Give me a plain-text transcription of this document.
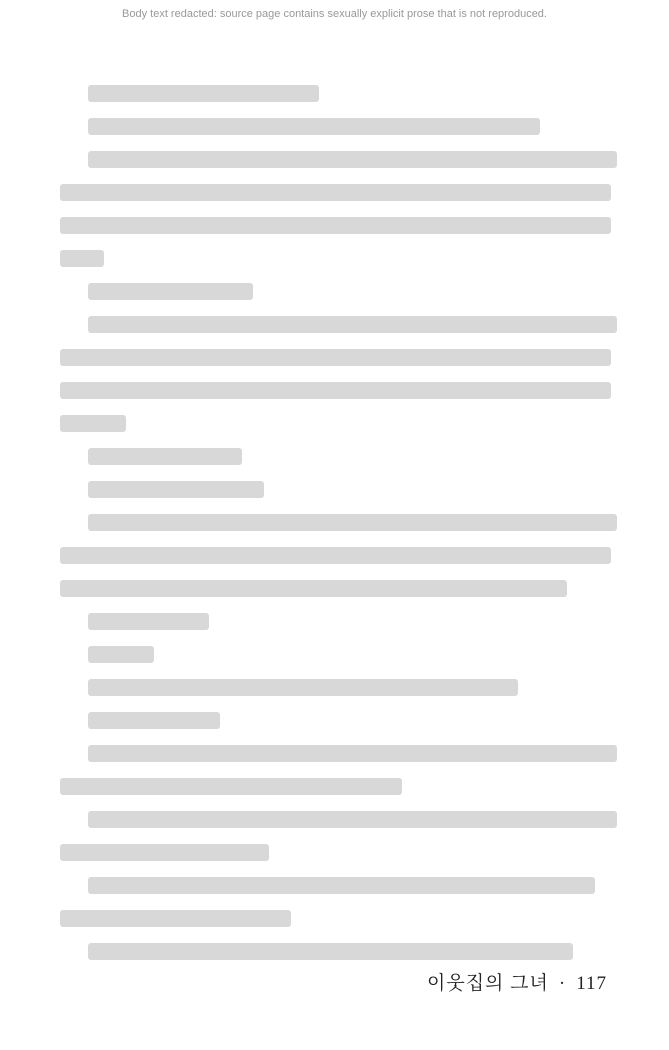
Body text redacted: source page contains sexually explicit prose that is not reproduced.
이웃집의 그녀 · 117
